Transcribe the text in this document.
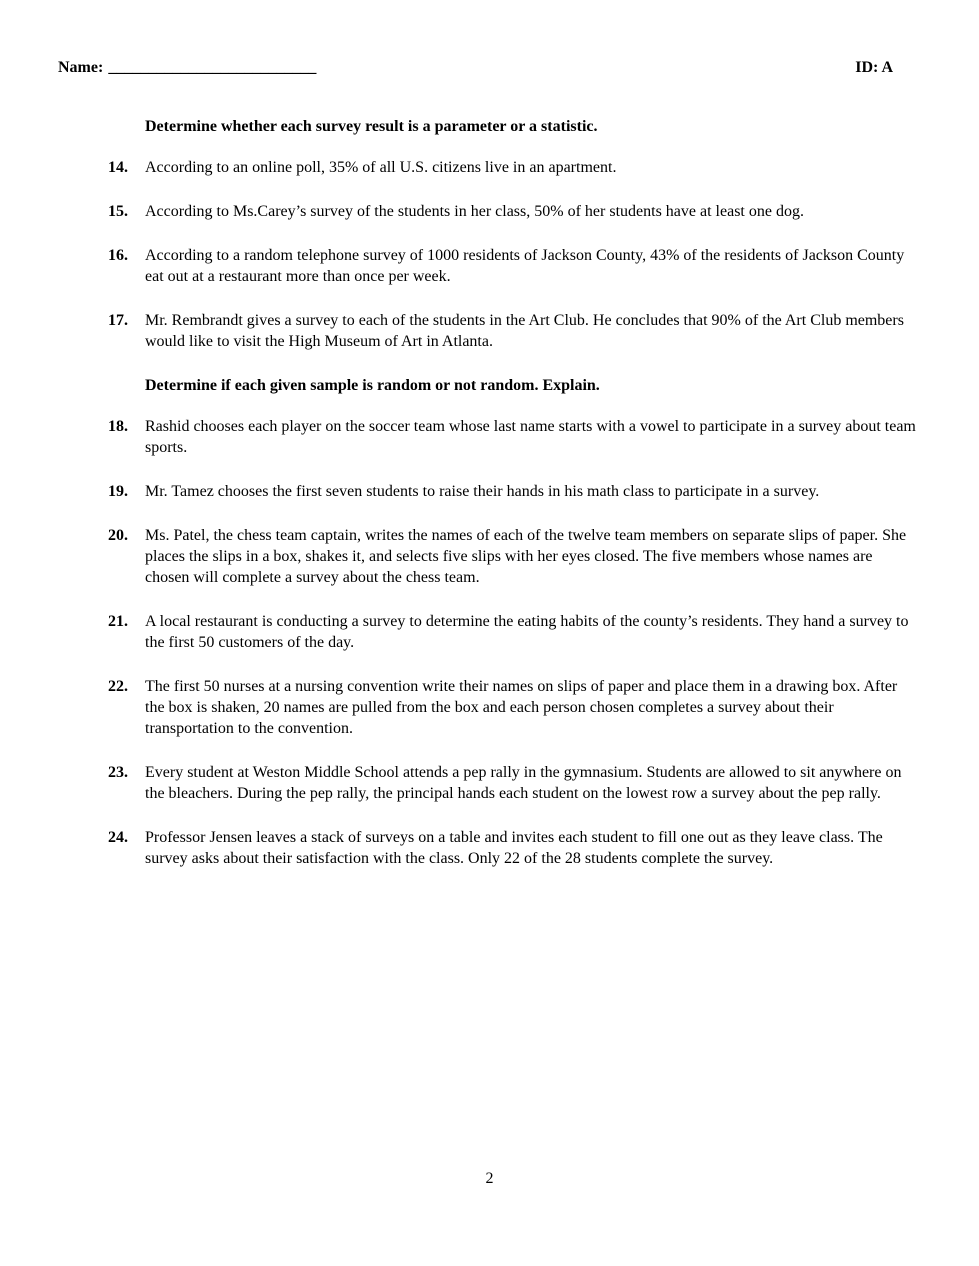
Name: __________________________	ID: A
Determine whether each survey result is a parameter or a statistic.
14.	According to an online poll, 35% of all U.S. citizens live in an apartment.
15.	According to Ms.Carey’s survey of the students in her class, 50% of her students have at least one dog.
16.	According to a random telephone survey of 1000 residents of Jackson County, 43% of the residents of Jackson County eat out at a restaurant more than once per week.
17.	Mr. Rembrandt gives a survey to each of the students in the Art Club. He concludes that 90% of the Art Club members would like to visit the High Museum of Art in Atlanta.
Determine if each given sample is random or not random. Explain.
18.	Rashid chooses each player on the soccer team whose last name starts with a vowel to participate in a survey about team sports.
19.	Mr. Tamez chooses the first seven students to raise their hands in his math class to participate in a survey.
20.	Ms. Patel, the chess team captain, writes the names of each of the twelve team members on separate slips of paper. She places the slips in a box, shakes it, and selects five slips with her eyes closed. The five members whose names are chosen will complete a survey about the chess team.
21.	A local restaurant is conducting a survey to determine the eating habits of the county’s residents. They hand a survey to the first 50 customers of the day.
22.	The first 50 nurses at a nursing convention write their names on slips of paper and place them in a drawing box. After the box is shaken, 20 names are pulled from the box and each person chosen completes a survey about their transportation to the convention.
23.	Every student at Weston Middle School attends a pep rally in the gymnasium. Students are allowed to sit anywhere on the bleachers. During the pep rally, the principal hands each student on the lowest row a survey about the pep rally.
24.	Professor Jensen leaves a stack of surveys on a table and invites each student to fill one out as they leave class. The survey asks about their satisfaction with the class. Only 22 of the 28 students complete the survey.
2
